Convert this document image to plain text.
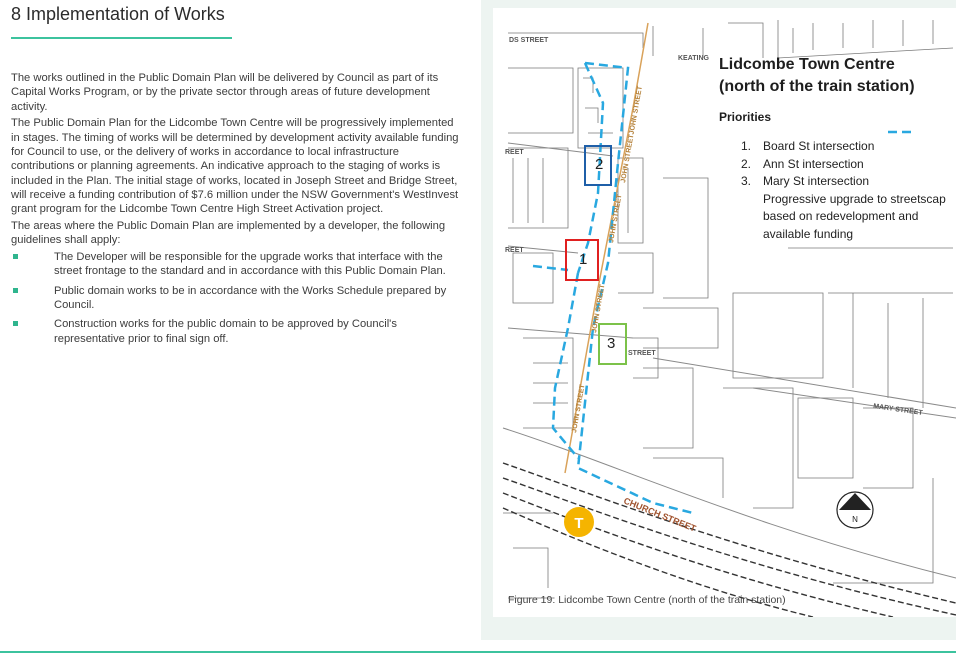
8 Implementation of Works

The works outlined in the Public Domain Plan will be delivered by Council as part of its Capital Works Program, or by the private sector through areas of future development activity.

The Public Domain Plan for the Lidcombe Town Centre will be progressively implemented in stages. The timing of works will be determined by development activity available funding for Council to use, or the delivery of works in accordance to local infrastructure contributions or planning agreements. An indicative approach to the staging of works is included in the Plan. The initial stage of works, located in Joseph Street and Bridge Street, will receive a funding contribution of $7.6 million under the NSW Government's WestInvest grant program for the Lidcombe Town Centre High Street Activation project.

The areas where the Public Domain Plan are implemented by a developer, the following guidelines shall apply:

The Developer will be responsible for the upgrade works that interface with the street frontage to the standard and in accordance with this Public Domain Plan.
Public domain works to be in accordance with the Works Schedule prepared by Council.
Construction works for the public domain to be approved by Council's representative prior to final sign off.
DS STREET
KEATING
REET
REET
STREET
MARY STREET
JOHN STREETJOHN STREET
JOHN STREET
JOHN STREET
JOHN STREET
CHURCH STREET
1
2
3
T	N
Lidcombe Town Centre
(north of the train station)
Priorities
1. Board St intersection
2. Ann St intersection
3. Mary St intersection
Progressive upgrade to streetscap
based on redevelopment and
available funding
Figure 19: Lidcombe Town Centre (north of the train station)
